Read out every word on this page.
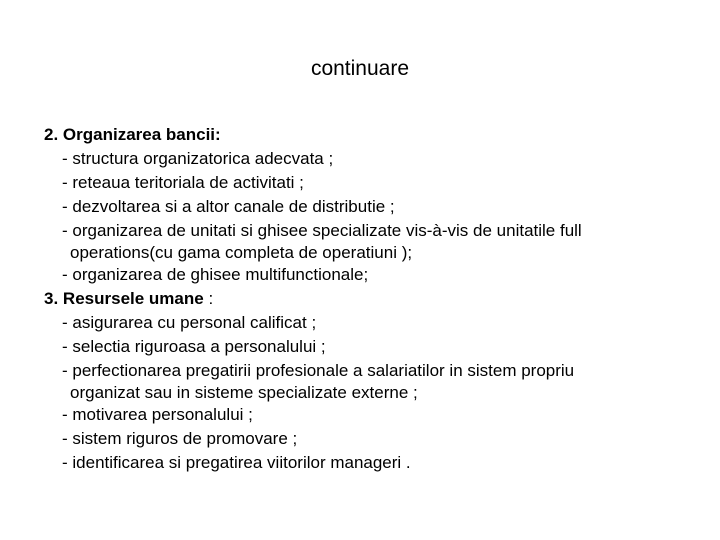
continuare
2. Organizarea bancii:
- structura organizatorica adecvata ;
- reteaua teritoriala de activitati ;
- dezvoltarea si a altor canale de distributie ;
- organizarea de unitati si ghisee specializate vis-à-vis de unitatile full
operations(cu gama completa de operatiuni );
- organizarea de ghisee multifunctionale;
3. Resursele umane :
- asigurarea cu personal calificat ;
- selectia riguroasa a personalului ;
- perfectionarea pregatirii profesionale a salariatilor in sistem propriu
organizat sau in sisteme specializate externe ;
- motivarea personalului ;
- sistem riguros de promovare ;
- identificarea si pregatirea viitorilor manageri .
